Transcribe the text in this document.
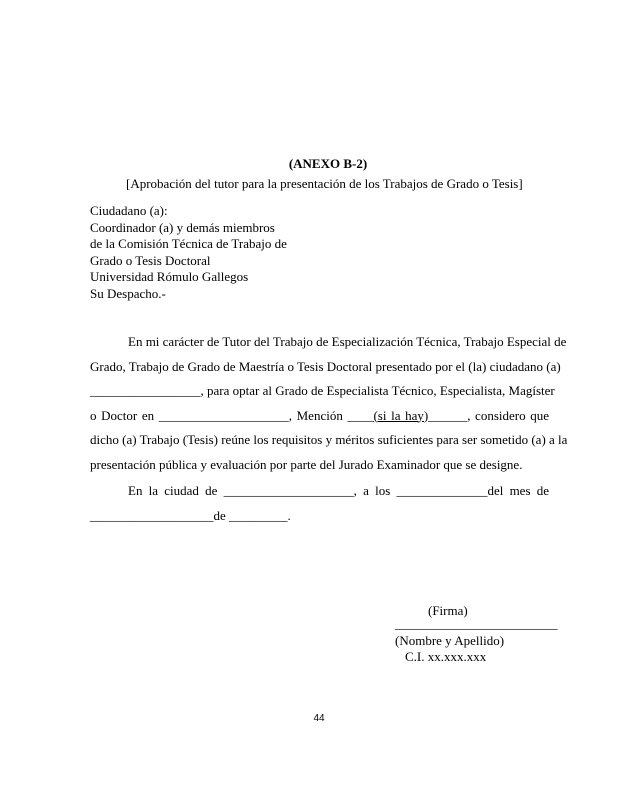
(ANEXO B-2)
[Aprobación del tutor para la presentación de los Trabajos de Grado o Tesis]
Ciudadano (a):
Coordinador (a) y demás miembros
de la Comisión Técnica de Trabajo de
Grado o Tesis Doctoral
Universidad Rómulo Gallegos
Su Despacho.-
En mi carácter de Tutor del Trabajo de Especialización Técnica, Trabajo Especial de
Grado, Trabajo de Grado de Maestría o Tesis Doctoral presentado por el (la) ciudadano (a)
_________________, para optar al Grado de Especialista Técnico, Especialista, Magíster
o Doctor en ____________________, Mención ____(si la hay)______, considero que
dicho (a) Trabajo (Tesis) reúne los requisitos y méritos suficientes para ser sometido (a) a la
presentación pública y evaluación por parte del Jurado Examinador que se designe.
En la ciudad de ____________________, a los ______________del mes de
___________________de _________.
(Firma)
_________________________
(Nombre y Apellido)
C.I. xx.xxx.xxx
44
